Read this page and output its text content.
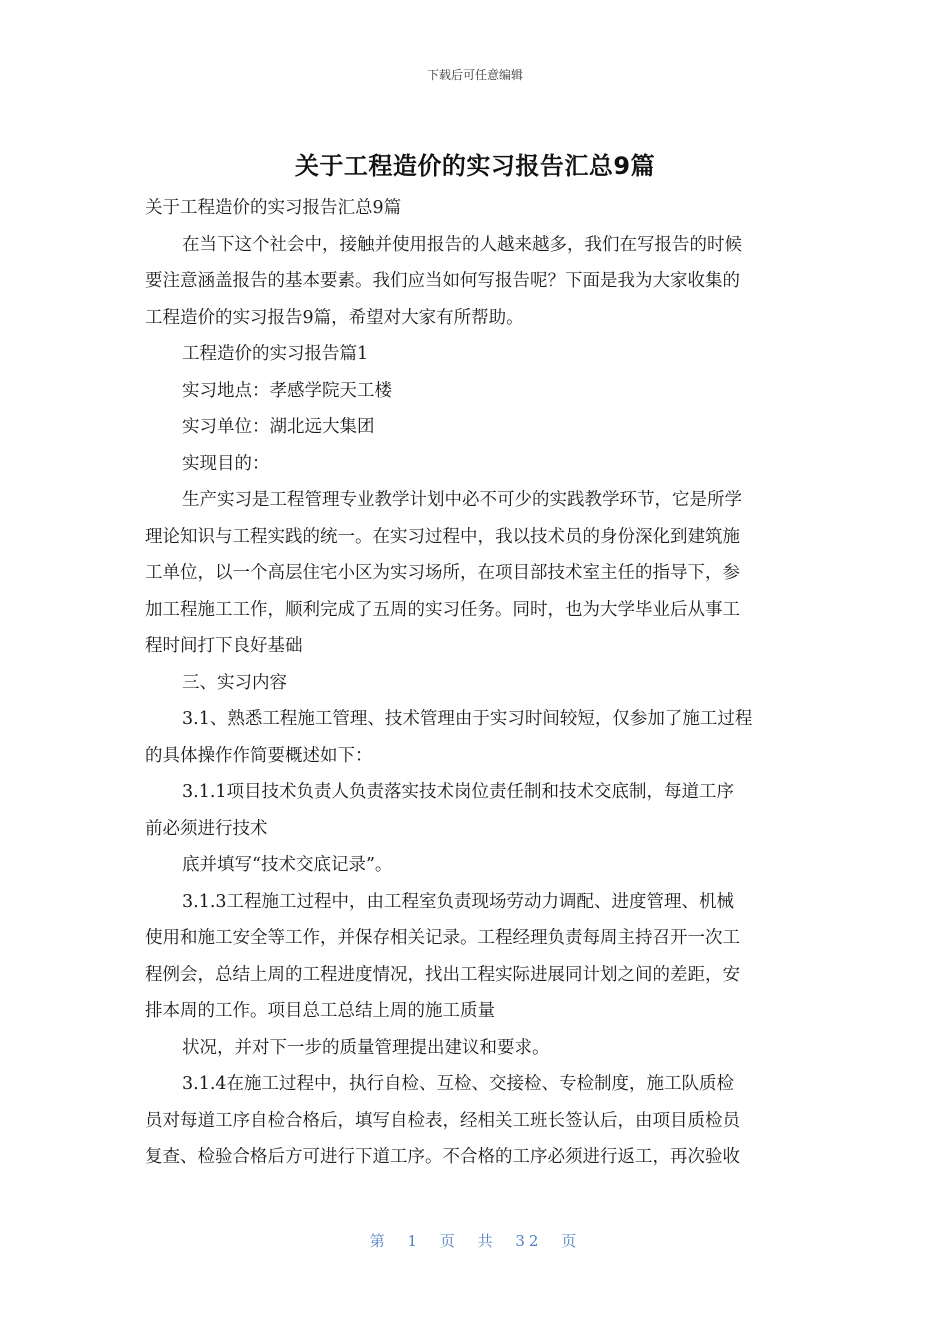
下载后可任意编辑
关于工程造价的实习报告汇总9篇
关于工程造价的实习报告汇总9篇
在当下这个社会中，接触并使用报告的人越来越多，我们在写报告的时候
要注意涵盖报告的基本要素。我们应当如何写报告呢？下面是我为大家收集的
工程造价的实习报告9篇，希望对大家有所帮助。
工程造价的实习报告篇1
实习地点：孝感学院天工楼
实习单位：湖北远大集团
实现目的：
生产实习是工程管理专业教学计划中必不可少的实践教学环节，它是所学
理论知识与工程实践的统一。在实习过程中，我以技术员的身份深化到建筑施
工单位，以一个高层住宅小区为实习场所，在项目部技术室主任的指导下，参
加工程施工工作，顺利完成了五周的实习任务。同时，也为大学毕业后从事工
程时间打下良好基础
三、实习内容
3.1、熟悉工程施工管理、技术管理由于实习时间较短，仅参加了施工过程
的具体操作作简要概述如下：
3.1.1项目技术负责人负责落实技术岗位责任制和技术交底制，每道工序
前必须进行技术
底并填写“技术交底记录”。
3.1.3工程施工过程中，由工程室负责现场劳动力调配、进度管理、机械
使用和施工安全等工作，并保存相关记录。工程经理负责每周主持召开一次工
程例会，总结上周的工程进度情况，找出工程实际进展同计划之间的差距，安
排本周的工作。项目总工总结上周的施工质量
状况，并对下一步的质量管理提出建议和要求。
3.1.4在施工过程中，执行自检、互检、交接检、专检制度，施工队质检
员对每道工序自检合格后，填写自检表，经相关工班长签认后，由项目质检员
复查、检验合格后方可进行下道工序。不合格的工序必须进行返工，再次验收
第 1 页 共 32 页
